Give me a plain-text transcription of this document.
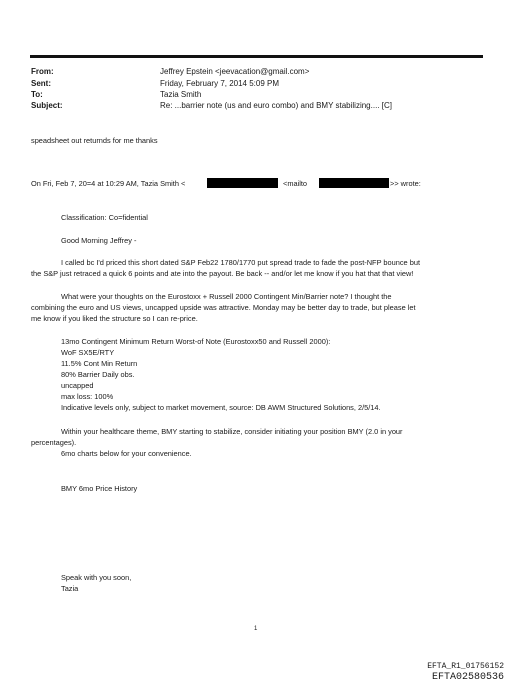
From:	Jeffrey Epstein <jeevacation@gmail.com>
Sent:	Friday, February 7, 2014 5:09 PM
To:	Tazia Smith
Subject:	Re: ...barrier note (us and euro combo) and BMY stabilizing.... [C]
speadsheet out returnds for me thanks
On Fri, Feb 7, 20=4 at 10:29 AM, Tazia Smith <	<mailto	>> wrote:
Classification: Co=fidential
Good Morning Jeffrey -
I called bc I'd priced this short dated S&P Feb22 1780/1770 put spread trade to fade the post-NFP bounce but
the S&P just retraced a quick 6 points and ate into the payout. Be back -- and/or let me know if you hat that that view!
What were your thoughts on the Eurostoxx + Russell 2000 Contingent Min/Barrier note? I thought the
combining the euro and US views, uncapped upside was attractive. Monday may be better day to trade, but please let
me know if you liked the structure so I can re-price.
13mo Contingent Minimum Return Worst-of Note (Eurostoxx50 and Russell 2000):
WoF SX5E/RTY
11.5% Cont Min Return
80% Barrier Daily obs.
uncapped
max loss: 100%
Indicative levels only, subject to market movement, source: DB AWM Structured Solutions, 2/5/14.
Within your healthcare theme, BMY starting to stabilize, consider initiating your position BMY (2.0 in your
percentages).
6mo charts below for your convenience.
BMY 6mo Price History
Speak with you soon,
Tazia
1
EFTA_R1_01756152
EFTA02580536
